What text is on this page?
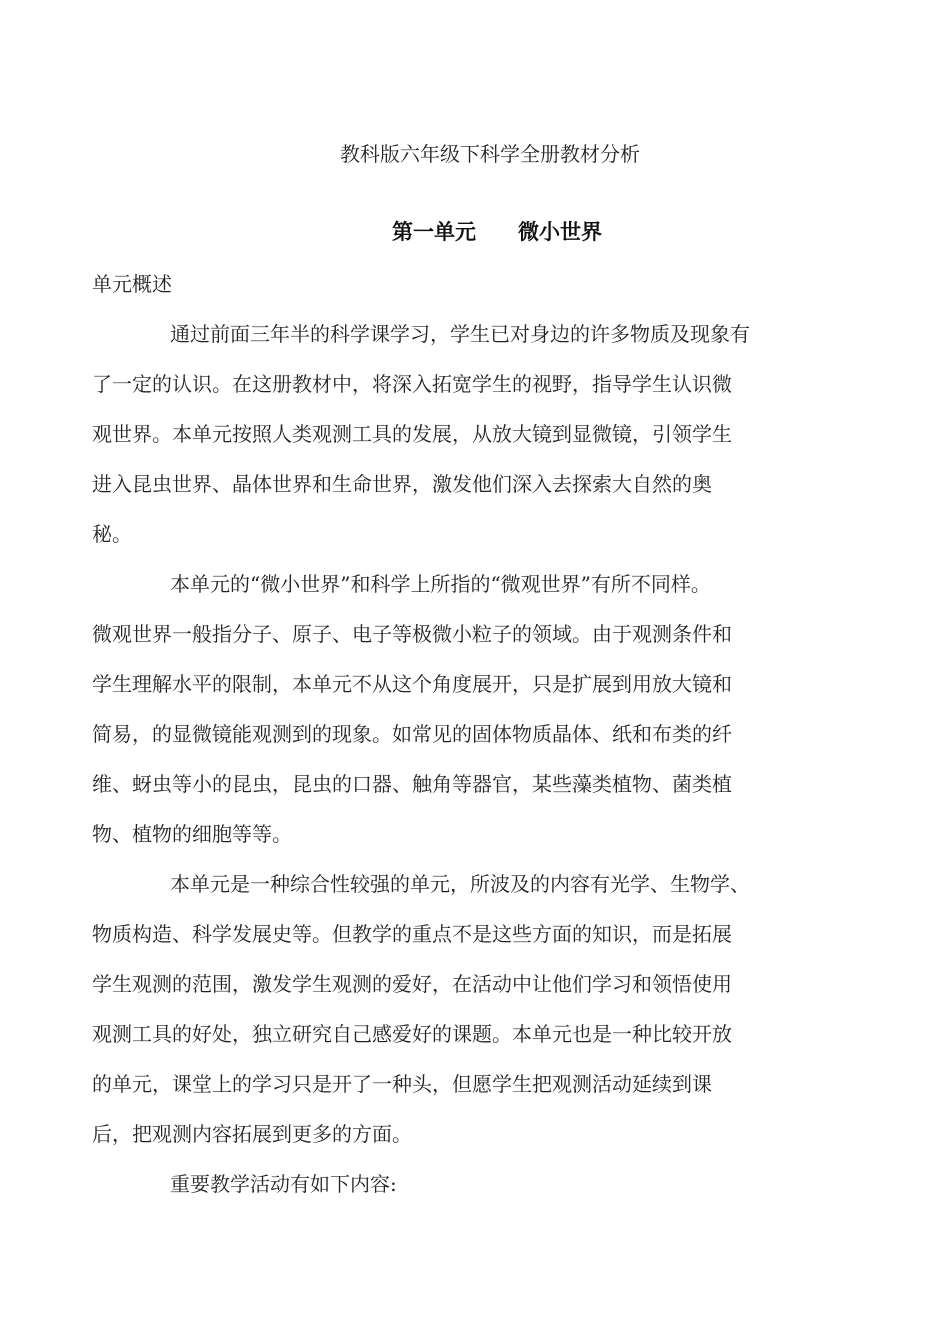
教科版六年级下科学全册教材分析
第一单元　　微小世界
单元概述
通过前面三年半的科学课学习，学生已对身边的许多物质及现象有
了一定的认识。在这册教材中，将深入拓宽学生的视野，指导学生认识微
观世界。本单元按照人类观测工具的发展，从放大镜到显微镜，引领学生
进入昆虫世界、晶体世界和生命世界，激发他们深入去探索大自然的奥
秘。
本单元的“微小世界”和科学上所指的“微观世界”有所不同样。
微观世界一般指分子、原子、电子等极微小粒子的领域。由于观测条件和
学生理解水平的限制，本单元不从这个角度展开，只是扩展到用放大镜和
简易，的显微镜能观测到的现象。如常见的固体物质晶体、纸和布类的纤
维、蚜虫等小的昆虫，昆虫的口器、触角等器官，某些藻类植物、菌类植
物、植物的细胞等等。
本单元是一种综合性较强的单元，所波及的内容有光学、生物学、
物质构造、科学发展史等。但教学的重点不是这些方面的知识，而是拓展
学生观测的范围，激发学生观测的爱好，在活动中让他们学习和领悟使用
观测工具的好处，独立研究自己感爱好的课题。本单元也是一种比较开放
的单元，课堂上的学习只是开了一种头，但愿学生把观测活动延续到课
后，把观测内容拓展到更多的方面。
重要教学活动有如下内容:
